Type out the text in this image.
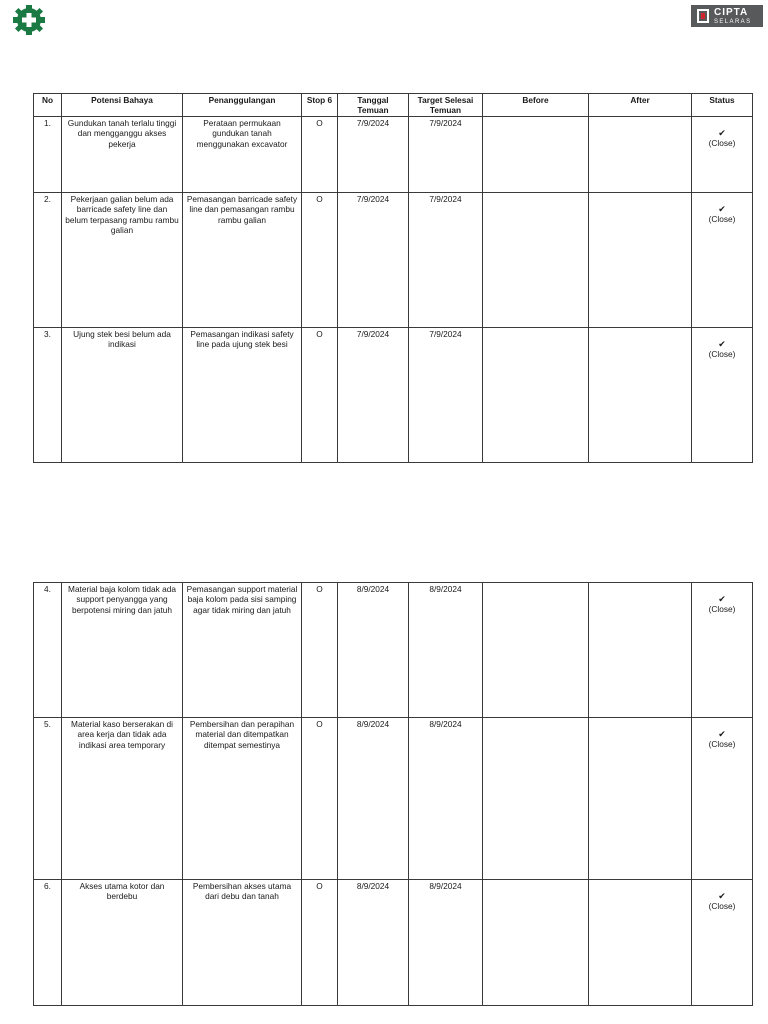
CIPTA
SELARAS
No	Potensi Bahaya	Penanggulangan	Stop 6	Tanggal Temuan	Target Selesai Temuan	Before	After	Status
1.	Gundukan tanah terlalu tinggi dan mengganggu akses pekerja	Perataan permukaan gundukan tanah menggunakan excavator	O	7/9/2024	7/9/2024			✔
(Close)

2.	Pekerjaan galian belum ada barricade safety line dan belum terpasang rambu rambu galian	Pemasangan barricade safety line dan pemasangan rambu rambu galian	O	7/9/2024	7/9/2024			✔
(Close)

3.	Ujung stek besi belum ada indikasi	Pemasangan indikasi safety line pada ujung stek besi	O	7/9/2024	7/9/2024			✔
(Close)
4.	Material baja kolom tidak ada support penyangga yang berpotensi miring dan jatuh	Pemasangan support material baja kolom pada sisi samping agar tidak miring dan jatuh	O	8/9/2024	8/9/2024			✔
(Close)

5.	Material kaso berserakan di area kerja dan tidak ada indikasi area temporary	Pembersihan dan perapihan material dan ditempatkan ditempat semestinya	O	8/9/2024	8/9/2024			✔
(Close)

6.	Akses utama kotor dan berdebu	Pembersihan akses utama dari debu dan tanah	O	8/9/2024	8/9/2024			✔
(Close)
